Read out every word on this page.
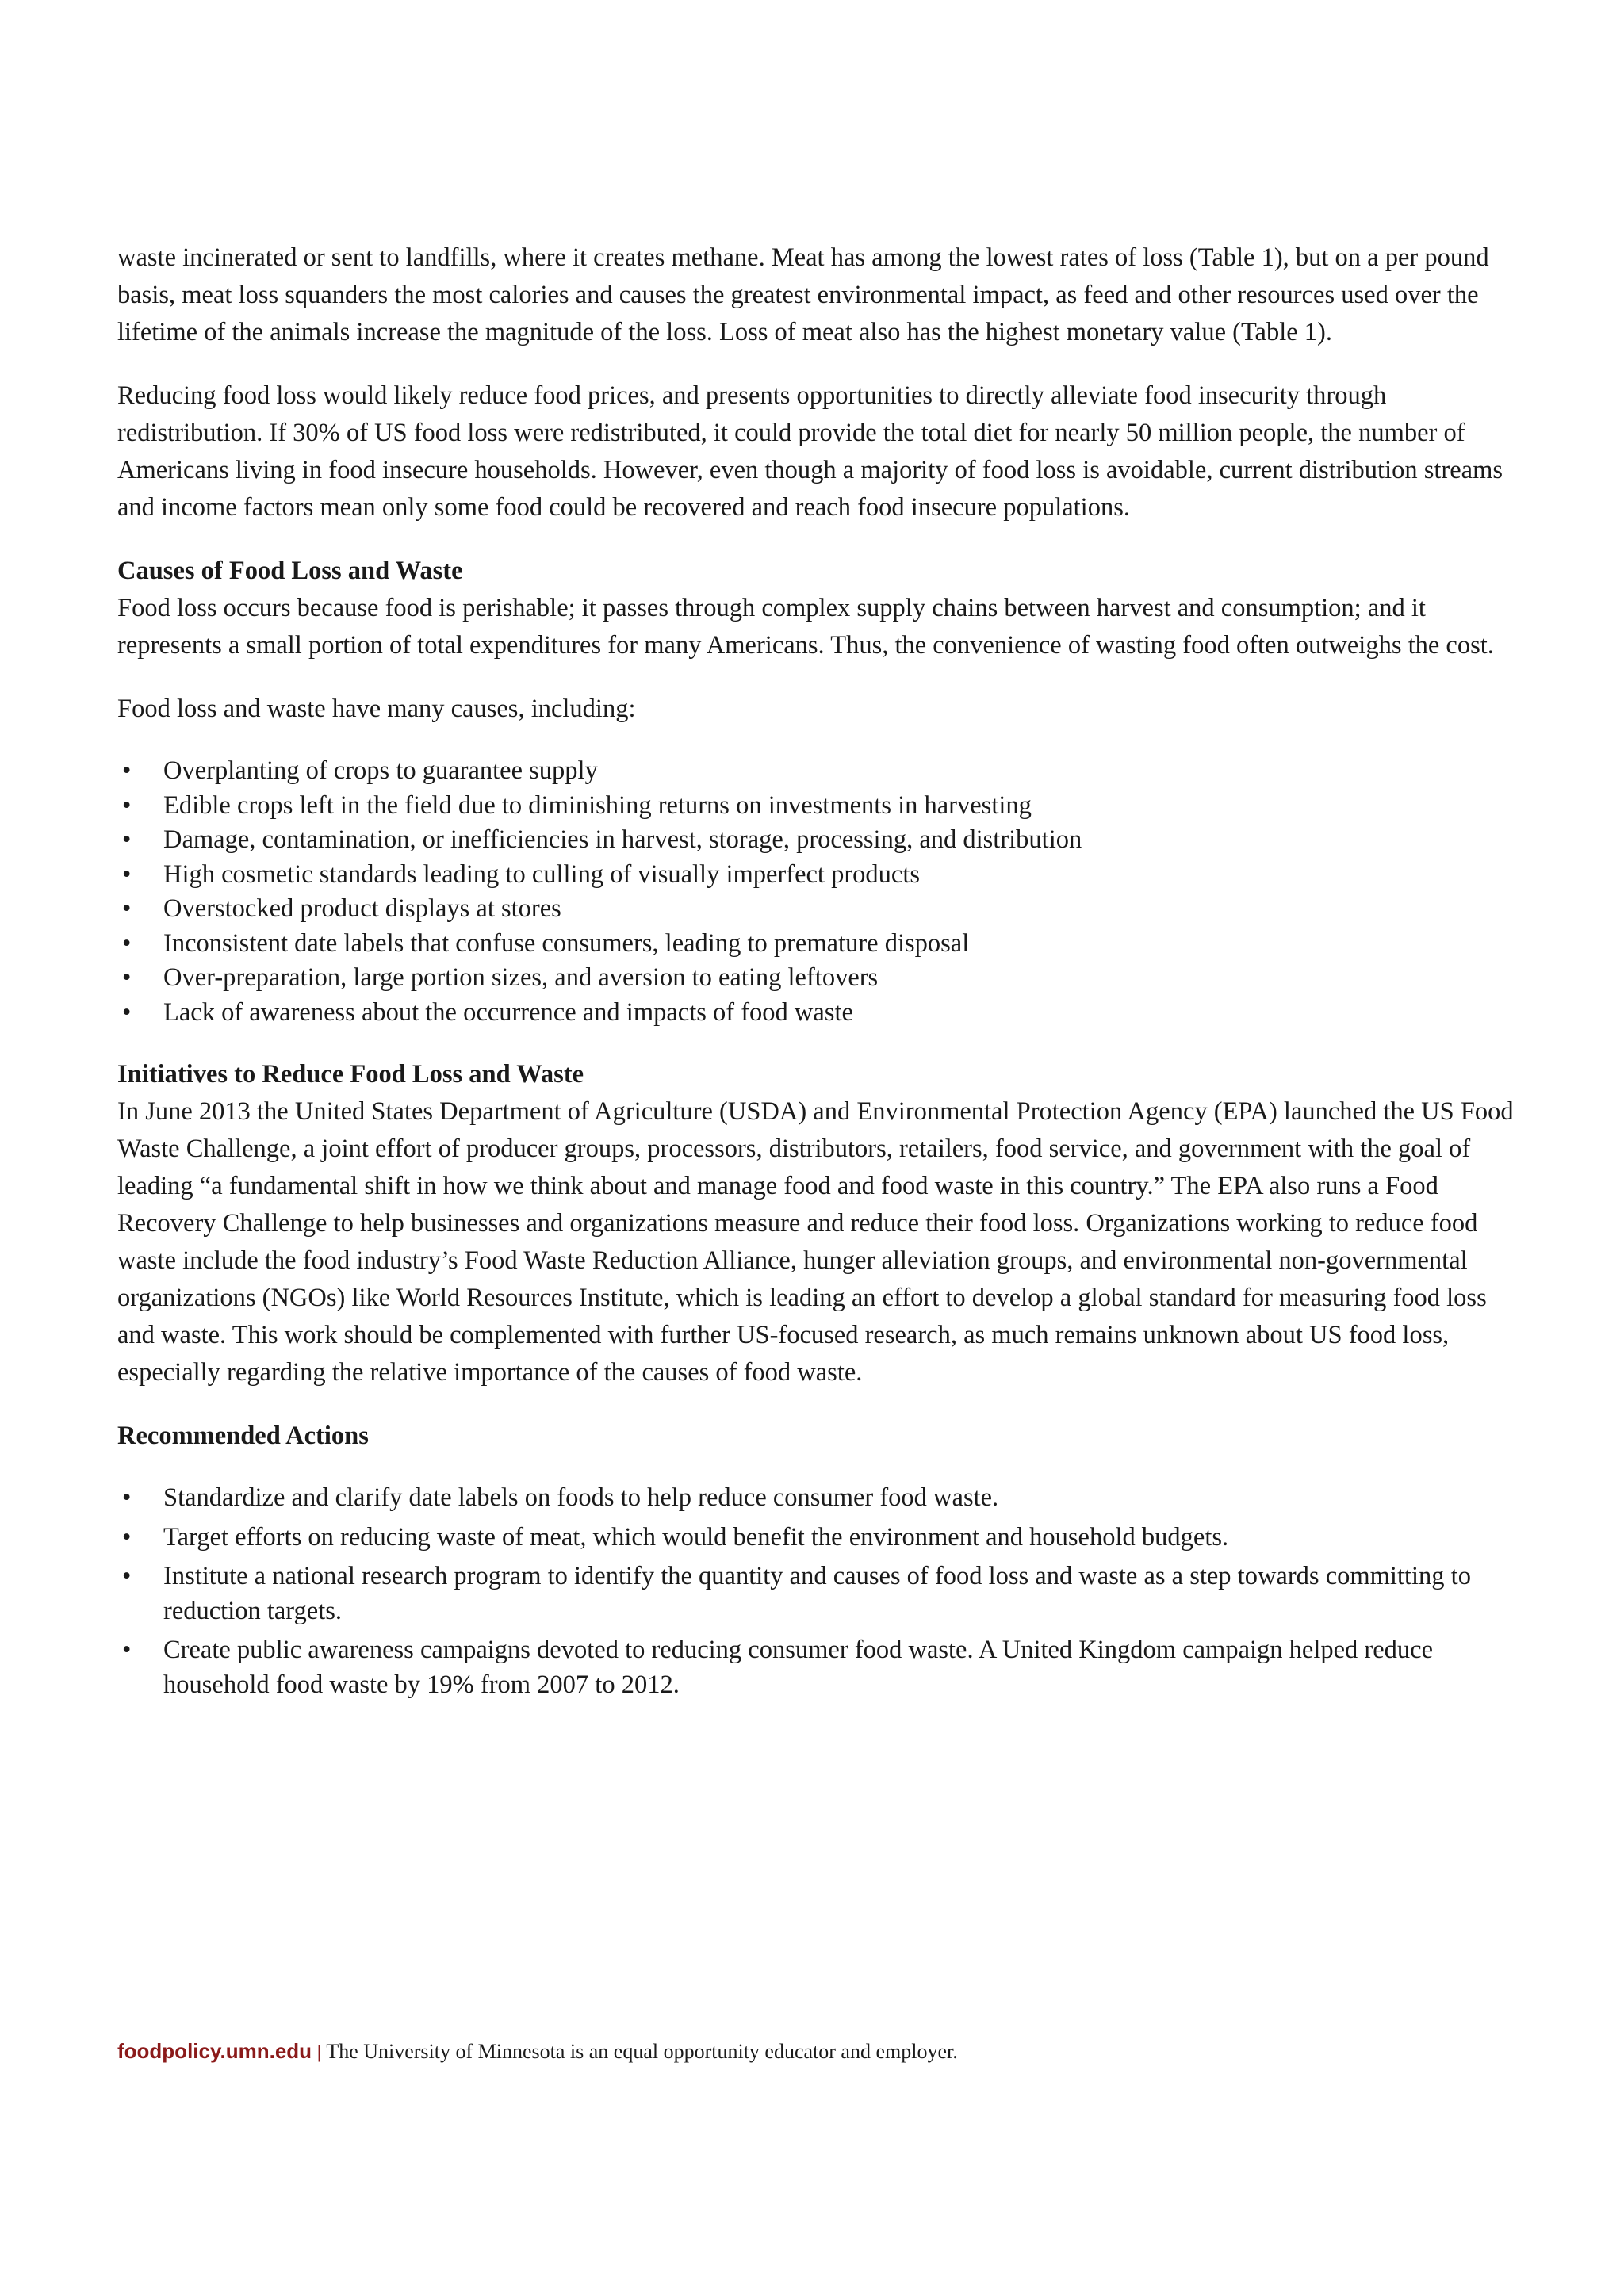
waste incinerated or sent to landfills, where it creates methane. Meat has among the lowest rates of loss (Table 1), but on a per pound basis, meat loss squanders the most calories and causes the greatest environmental impact, as feed and other resources used over the lifetime of the animals increase the magnitude of the loss. Loss of meat also has the highest monetary value (Table 1).

Reducing food loss would likely reduce food prices, and presents opportunities to directly alleviate food insecurity through redistribution. If 30% of US food loss were redistributed, it could provide the total diet for nearly 50 million people, the number of Americans living in food insecure households. However, even though a majority of food loss is avoidable, current distribution streams and income factors mean only some food could be recovered and reach food insecure populations.

Causes of Food Loss and Waste

Food loss occurs because food is perishable; it passes through complex supply chains between harvest and consumption; and it represents a small portion of total expenditures for many Americans. Thus, the convenience of wasting food often outweighs the cost.

Food loss and waste have many causes, including:

• Overplanting of crops to guarantee supply
• Edible crops left in the field due to diminishing returns on investments in harvesting
• Damage, contamination, or inefficiencies in harvest, storage, processing, and distribution
• High cosmetic standards leading to culling of visually imperfect products
• Overstocked product displays at stores
• Inconsistent date labels that confuse consumers, leading to premature disposal
• Over-preparation, large portion sizes, and aversion to eating leftovers
• Lack of awareness about the occurrence and impacts of food waste

Initiatives to Reduce Food Loss and Waste

In June 2013 the United States Department of Agriculture (USDA) and Environmental Protection Agency (EPA) launched the US Food Waste Challenge, a joint effort of producer groups, processors, distributors, retailers, food service, and government with the goal of leading “a fundamental shift in how we think about and manage food and food waste in this country.” The EPA also runs a Food Recovery Challenge to help businesses and organizations measure and reduce their food loss. Organizations working to reduce food waste include the food industry’s Food Waste Reduction Alliance, hunger alleviation groups, and environmental non-governmental organizations (NGOs) like World Resources Institute, which is leading an effort to develop a global standard for measuring food loss and waste. This work should be complemented with further US-focused research, as much remains unknown about US food loss, especially regarding the relative importance of the causes of food waste.

Recommended Actions

• Standardize and clarify date labels on foods to help reduce consumer food waste.
• Target efforts on reducing waste of meat, which would benefit the environment and household budgets.
• Institute a national research program to identify the quantity and causes of food loss and waste as a step towards committing to reduction targets.
• Create public awareness campaigns devoted to reducing consumer food waste. A United Kingdom campaign helped reduce household food waste by 19% from 2007 to 2012.
foodpolicy.umn.edu | The University of Minnesota is an equal opportunity educator and employer.
